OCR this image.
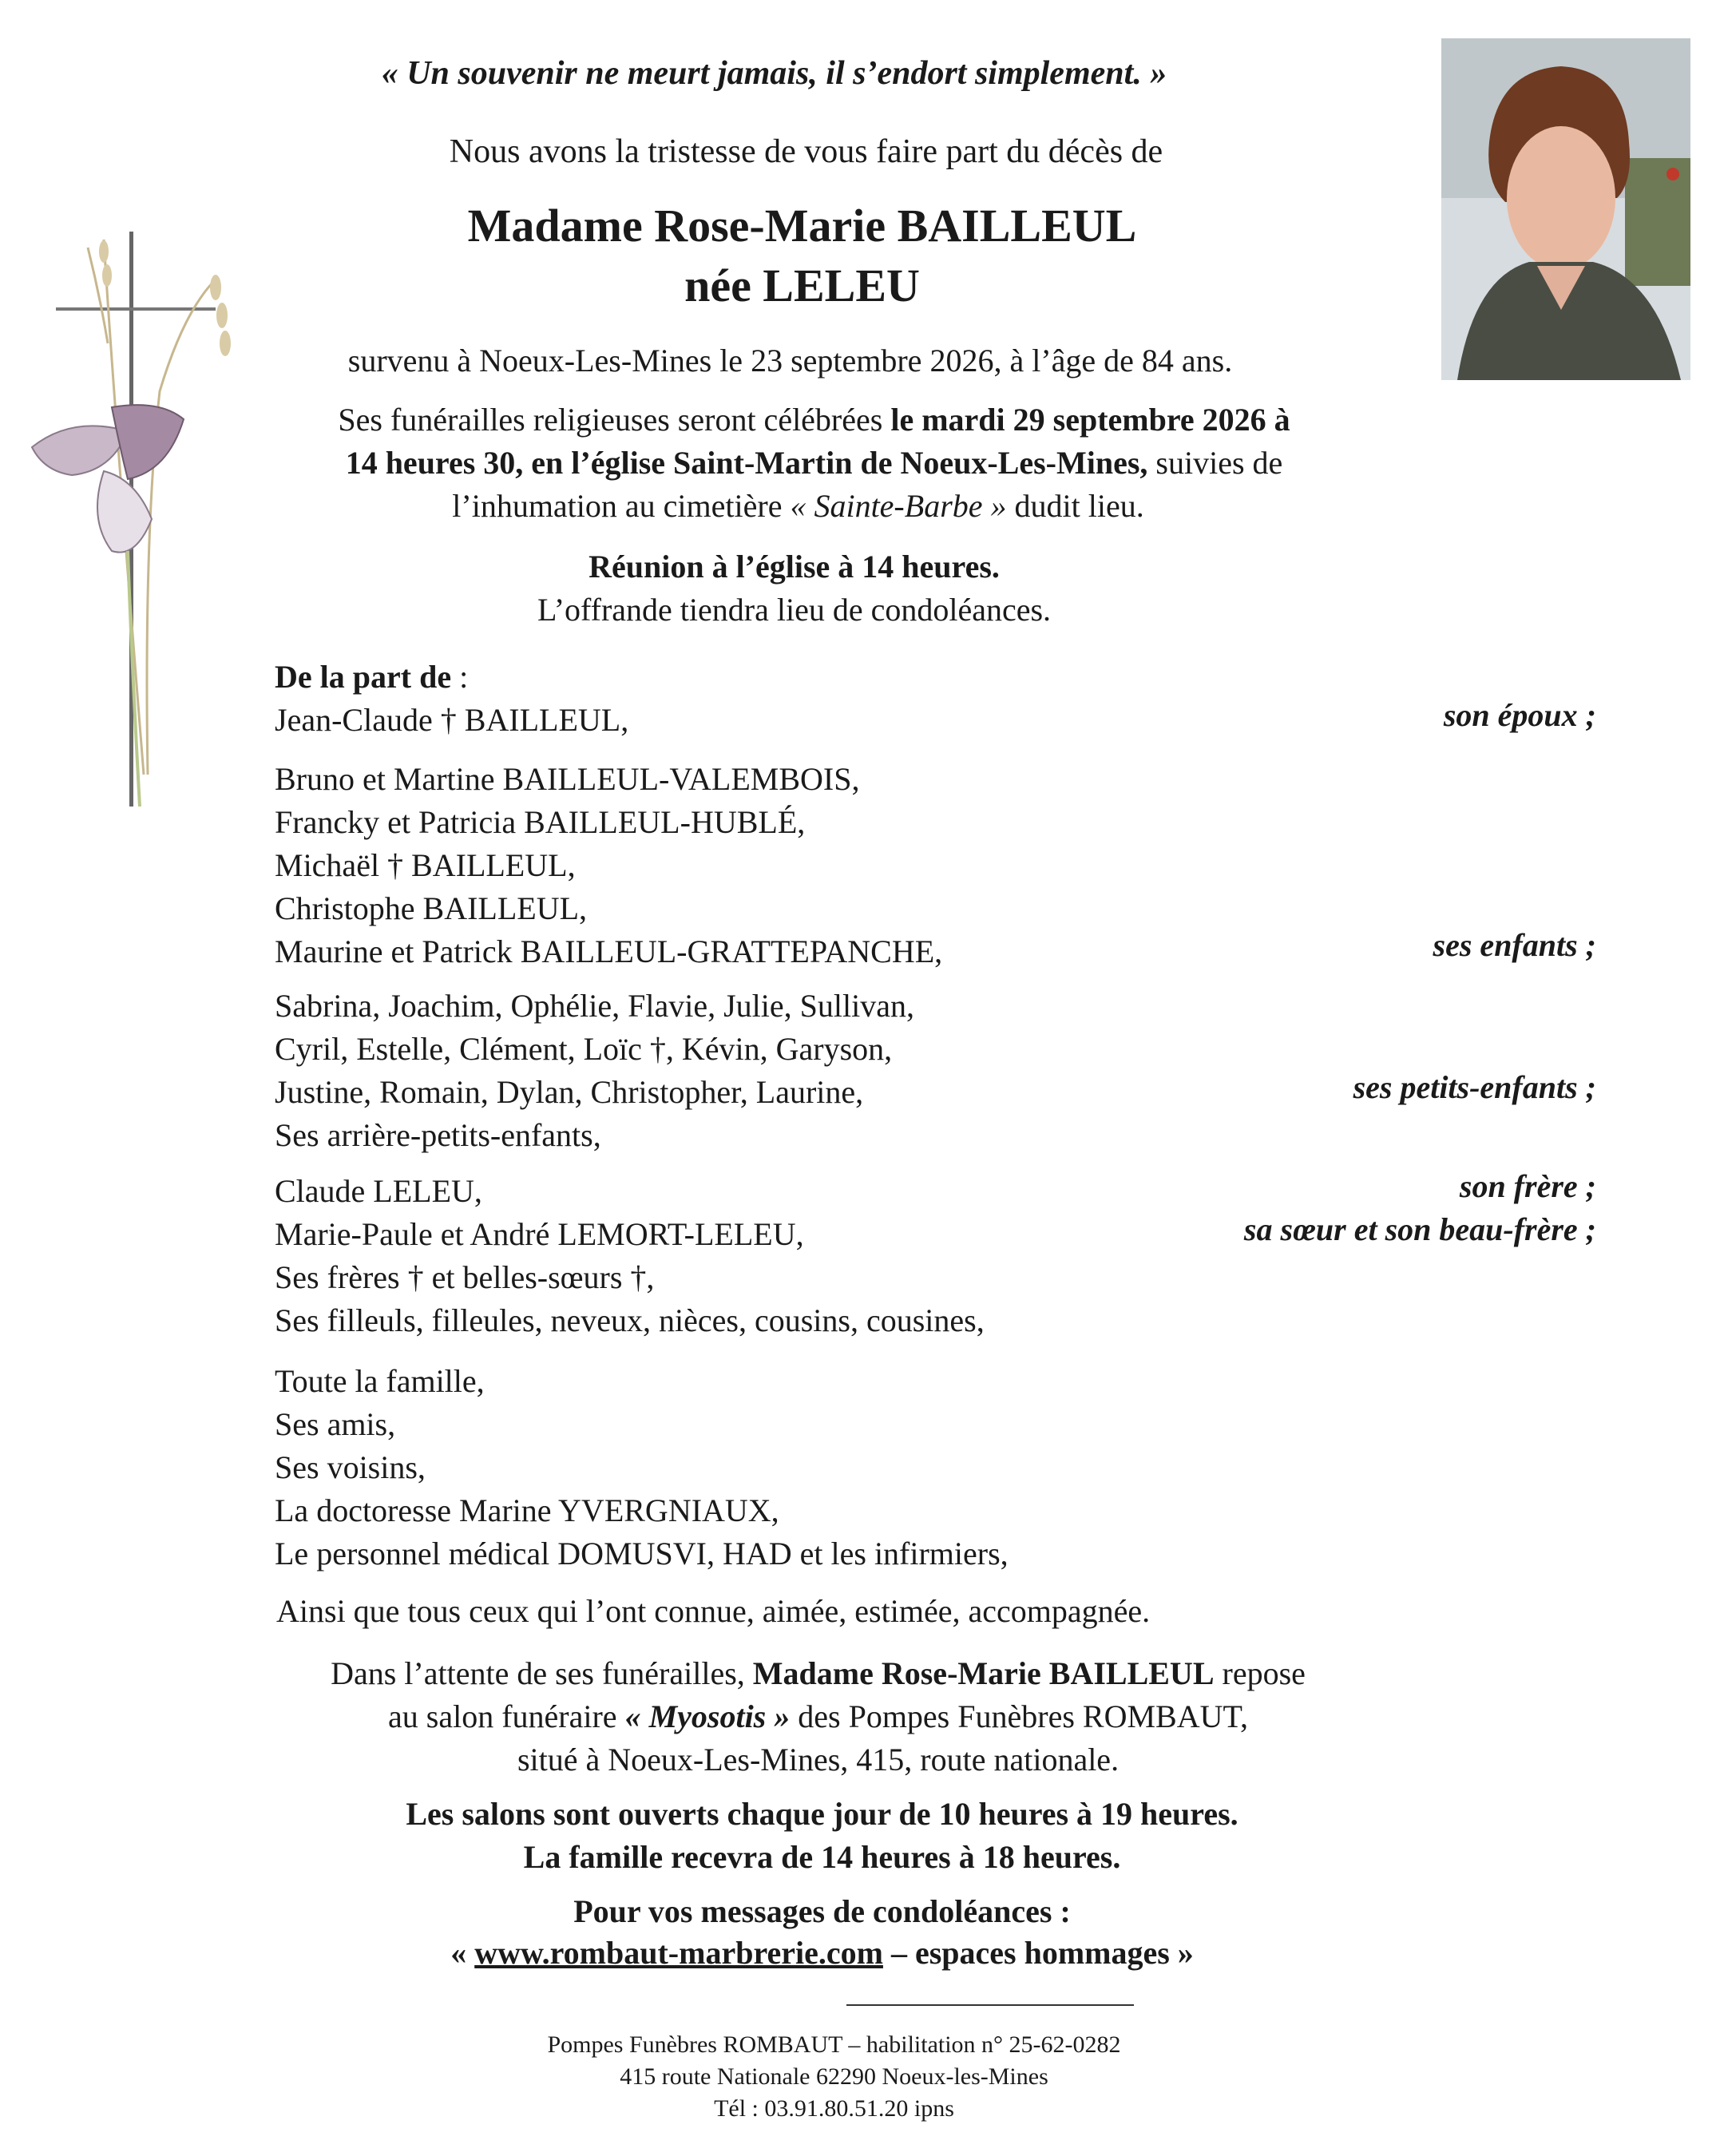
« Un souvenir ne meurt jamais, il s’endort simplement. »
Nous avons la tristesse de vous faire part du décès de
Madame Rose-Marie BAILLEUL
née LELEU
survenu à Noeux-Les-Mines le 23 septembre 2026, à l’âge de 84 ans.
Ses funérailles religieuses seront célébrées le mardi 29 septembre 2026 à
14 heures 30, en l’église Saint-Martin de Noeux-Les-Mines, suivies de
l’inhumation au cimetière « Sainte-Barbe » dudit lieu.
Réunion à l’église à 14 heures.
L’offrande tiendra lieu de condoléances.
De la part de :
Jean-Claude † BAILLEUL,	son époux ;
Bruno et Martine BAILLEUL-VALEMBOIS,
Francky et Patricia BAILLEUL-HUBLÉ,
Michaël † BAILLEUL,
Christophe BAILLEUL,
Maurine et Patrick BAILLEUL-GRATTEPANCHE,	ses enfants ;
Sabrina, Joachim, Ophélie, Flavie, Julie, Sullivan,
Cyril, Estelle, Clément, Loïc †, Kévin, Garyson,
Justine, Romain, Dylan, Christopher, Laurine,
Ses arrière-petits-enfants,
ses petits-enfants ;
Claude LELEU,
Marie-Paule et André LEMORT-LELEU,
Ses frères † et belles-sœurs †,
Ses filleuls, filleules, neveux, nièces, cousins, cousines,
son frère ;
sa sœur et son beau-frère ;
Toute la famille,
Ses amis,
Ses voisins,
La doctoresse Marine YVERGNIAUX,
Le personnel médical DOMUSVI, HAD et les infirmiers,
Ainsi que tous ceux qui l’ont connue, aimée, estimée, accompagnée.
Dans l’attente de ses funérailles, Madame Rose-Marie BAILLEUL repose
au salon funéraire « Myosotis » des Pompes Funèbres ROMBAUT,
situé à Noeux-Les-Mines, 415, route nationale.
Les salons sont ouverts chaque jour de 10 heures à 19 heures.
La famille recevra de 14 heures à 18 heures.
Pour vos messages de condoléances :
« www.rombaut-marbrerie.com – espaces hommages »
Pompes Funèbres ROMBAUT – habilitation n° 25-62-0282
415 route Nationale 62290 Noeux-les-Mines
Tél : 03.91.80.51.20 ipns
